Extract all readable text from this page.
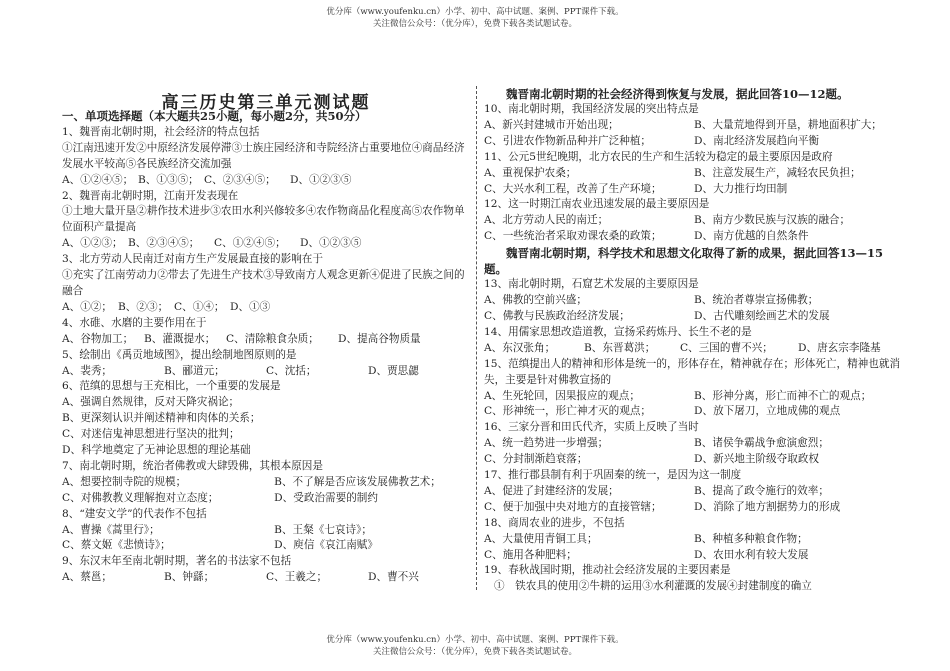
优分库（www.youfenku.cn）小学、初中、高中试题、案例、PPT课件下载。
关注微信公众号：（优分库），免费下载各类试题试卷。
高三历史第三单元测试题
一、单项选择题（本大题共25小题，每小题2分，共50分）
1、魏晋南北朝时期，社会经济的特点包括
①江南迅速开发②中原经济发展停滞③士族庄园经济和寺院经济占重要地位④商品经济发展水平较高⑤各民族经济交流加强
A、①②④⑤； B、①③⑤； C、②③④⑤；	D、①②③⑤
2、魏晋南北朝时期，江南开发表现在
①土地大量开垦②耕作技术进步③农田水利兴修较多④农作物商品化程度高⑤农作物单位面积产量提高
A、①②③； B、②③④⑤；	C、①②④⑤；	D、①②③⑤
3、北方劳动人民南迁对南方生产发展最直接的影响在于
①充实了江南劳动力②带去了先进生产技术③导致南方人观念更新④促进了民族之间的融合
A、①②； B、②③； C、①④； D、①③
4、水碓、水磨的主要作用在于
A、谷物加工；	B、灌溉提水；	C、清除粮食杂质；	D、提高谷物质量
5、绘制出《禹贡地域图》，提出绘制地图原则的是
A、裴秀；	B、郦道元；	C、沈括；	D、贾思勰
6、范缜的思想与王充相比，一个重要的发展是
A、强调自然规律，反对天降灾祸论；
B、更深刻认识并阐述精神和肉体的关系；
C、对迷信鬼神思想进行坚决的批判；
D、科学地奠定了无神论思想的理论基础
7、南北朝时期，统治者佛教或大肆毁佛，其根本原因是
A、想要控制寺院的规模；	B、不了解是否应该发展佛教艺术；
C、对佛教教义理解抱对立态度；	D、受政治需要的制约
8、“建安文学”的代表作不包括
A、曹操《蒿里行》；	B、王粲《七哀诗》；
C、蔡文姬《悲愤诗》；	D、庾信《哀江南赋》
9、东汉末年至南北朝时期，著名的书法家不包括
A、蔡邕；	B、钟繇；	C、王羲之；	D、曹不兴
魏晋南北朝时期的社会经济得到恢复与发展，据此回答10—12题。
10、南北朝时期，我国经济发展的突出特点是
A、新兴封建城市开始出现；	B、大量荒地得到开垦，耕地面积扩大；
C、引进农作物新品种并广泛种植；	D、南北经济发展趋向平衡
11、公元5世纪晚期，北方农民的生产和生活较为稳定的最主要原因是政府
A、重视保护农桑；	B、注意发展生产，减轻农民负担；
C、大兴水利工程，改善了生产环境；	D、大力推行均田制
12、这一时期江南农业迅速发展的最主要原因是
A、北方劳动人民的南迁；	B、南方少数民族与汉族的融合；
C、一些统治者采取劝课农桑的政策；	D、南方优越的自然条件
魏晋南北朝时期，科学技术和思想文化取得了新的成果，据此回答13—15题。
13、南北朝时期，石窟艺术发展的主要原因是
A、佛教的空前兴盛；	B、统治者尊崇宣扬佛教；
C、佛教与民族政治经济发展；	D、古代雕刻绘画艺术的发展
14、用儒家思想改造道教，宣扬采药炼丹、长生不老的是
A、东汉张角；	B、东晋葛洪；	C、三国的曹不兴；	D、唐玄宗李隆基
15、范缜提出人的精神和形体是统一的，形体存在，精神就存在；形体死亡，精神也就消失，主要是针对佛教宣扬的
A、生死轮回，因果报应的观点；	B、形神分离，形亡而神不亡的观点；
C、形神统一，形亡神才灭的观点；	D、放下屠刀，立地成佛的观点
16、三家分晋和田氏代齐，实质上反映了当时
A、统一趋势进一步增强；	B、诸侯争霸战争愈演愈烈；
C、分封制渐趋衰落；	D、新兴地主阶级夺取政权
17、推行郡县制有利于巩固秦的统一，是因为这一制度
A、促进了封建经济的发展；	B、提高了政令施行的效率；
C、便于加强中央对地方的直接管辖；	D、消除了地方割据势力的形成
18、商周农业的进步，不包括
A、大量使用青铜工具；	B、种植多种粮食作物；
C、施用各种肥料；	D、农田水利有较大发展
19、春秋战国时期，推动社会经济发展的主要因素是
①　铁农具的使用②牛耕的运用③水利灌溉的发展④封建制度的确立
优分库（www.youfenku.cn）小学、初中、高中试题、案例、PPT课件下载。
关注微信公众号：（优分库），免费下载各类试题试卷。
